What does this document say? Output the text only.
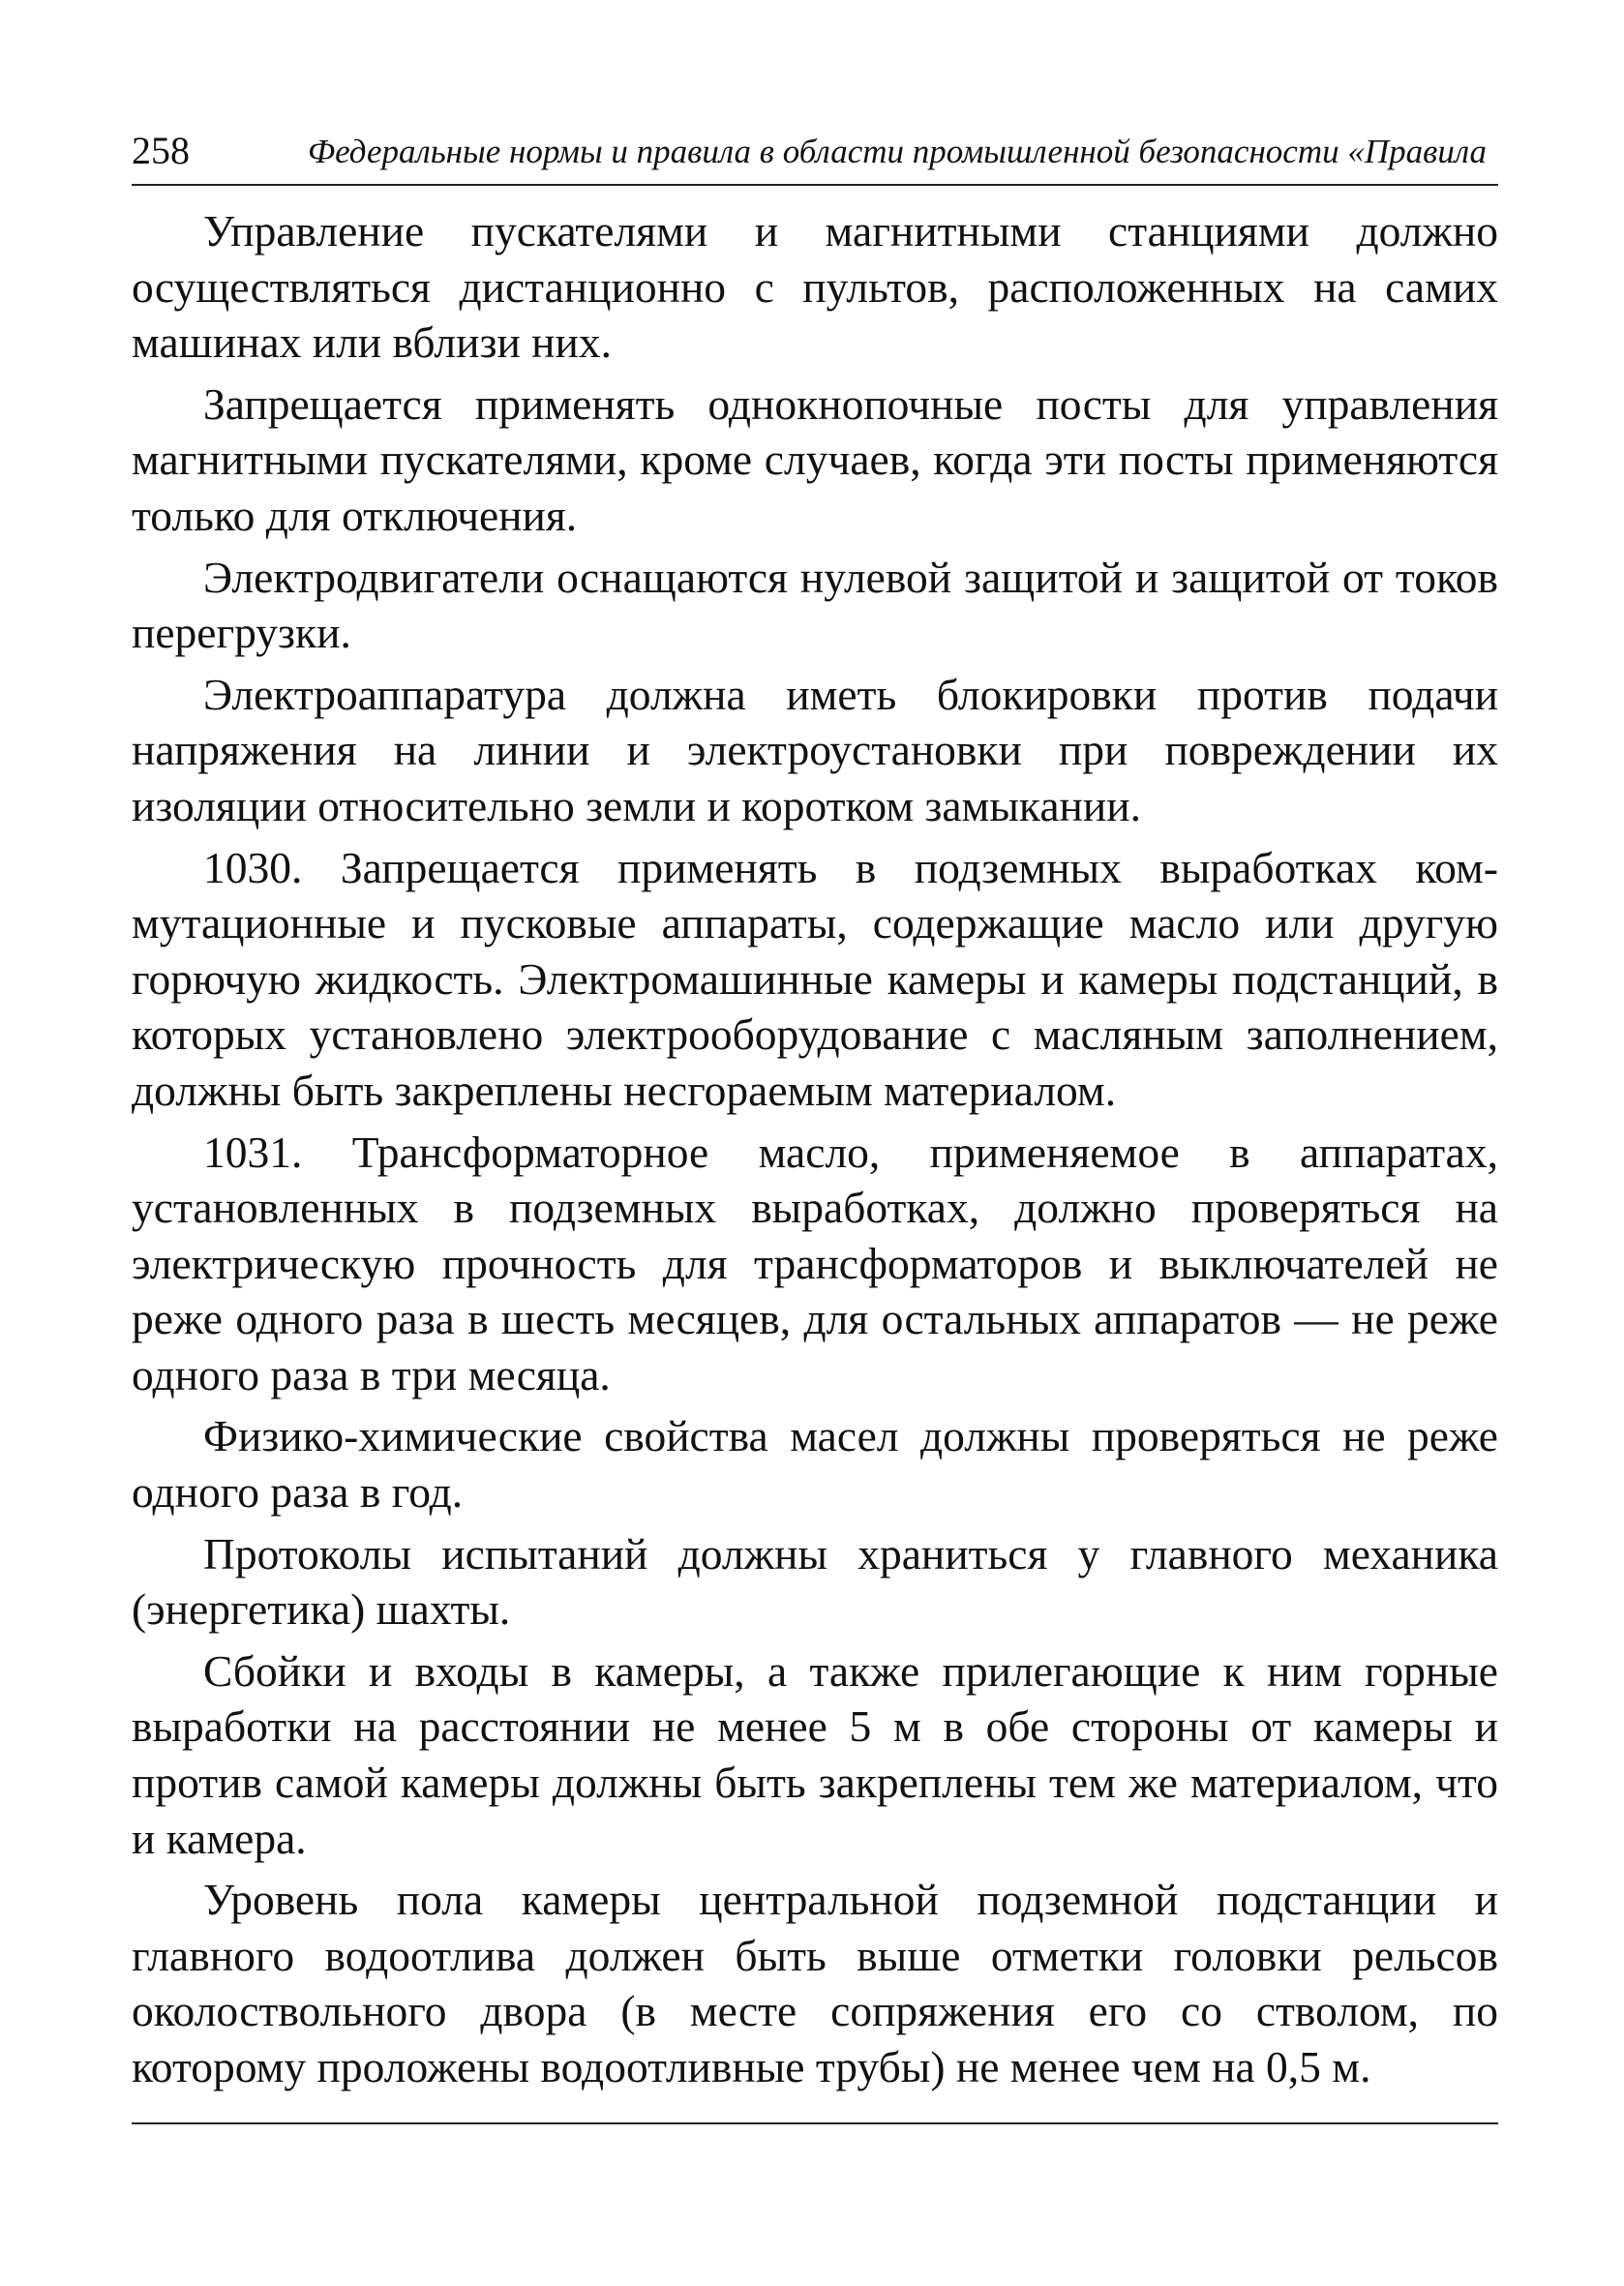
258	Федеральные нормы и правила в области промышленной безопасности «Правила

Управление пускателями и магнитными станциями должно осуществляться дистанционно с пультов, расположенных на самих машинах или вблизи них.

Запрещается применять однокнопочные посты для управления магнитными пускателями, кроме случаев, когда эти посты применяются только для отключения.

Электродвигатели оснащаются нулевой защитой и защитой от токов перегрузки.

Электроаппаратура должна иметь блокировки против подачи напряжения на линии и электроустановки при повреждении их изоляции относительно земли и коротком замыкании.

1030. Запрещается применять в подземных выработках коммутационные и пусковые аппараты, содержащие масло или другую горючую жидкость. Электромашинные камеры и камеры подстанций, в которых установлено электрооборудование с масляным заполнением, должны быть закреплены несгораемым материалом.

1031. Трансформаторное масло, применяемое в аппаратах, установленных в подземных выработках, должно проверяться на электрическую прочность для трансформаторов и выключателей не реже одного раза в шесть месяцев, для остальных аппаратов — не реже одного раза в три месяца.

Физико-химические свойства масел должны проверяться не реже одного раза в год.

Протоколы испытаний должны храниться у главного механика (энергетика) шахты.

Сбойки и входы в камеры, а также прилегающие к ним горные выработки на расстоянии не менее 5 м в обе стороны от камеры и против самой камеры должны быть закреплены тем же материалом, что и камера.

Уровень пола камеры центральной подземной подстанции и главного водоотлива должен быть выше отметки головки рельсов околоствольного двора (в месте сопряжения его со стволом, по которому проложены водоотливные трубы) не менее чем на 0,5 м.
